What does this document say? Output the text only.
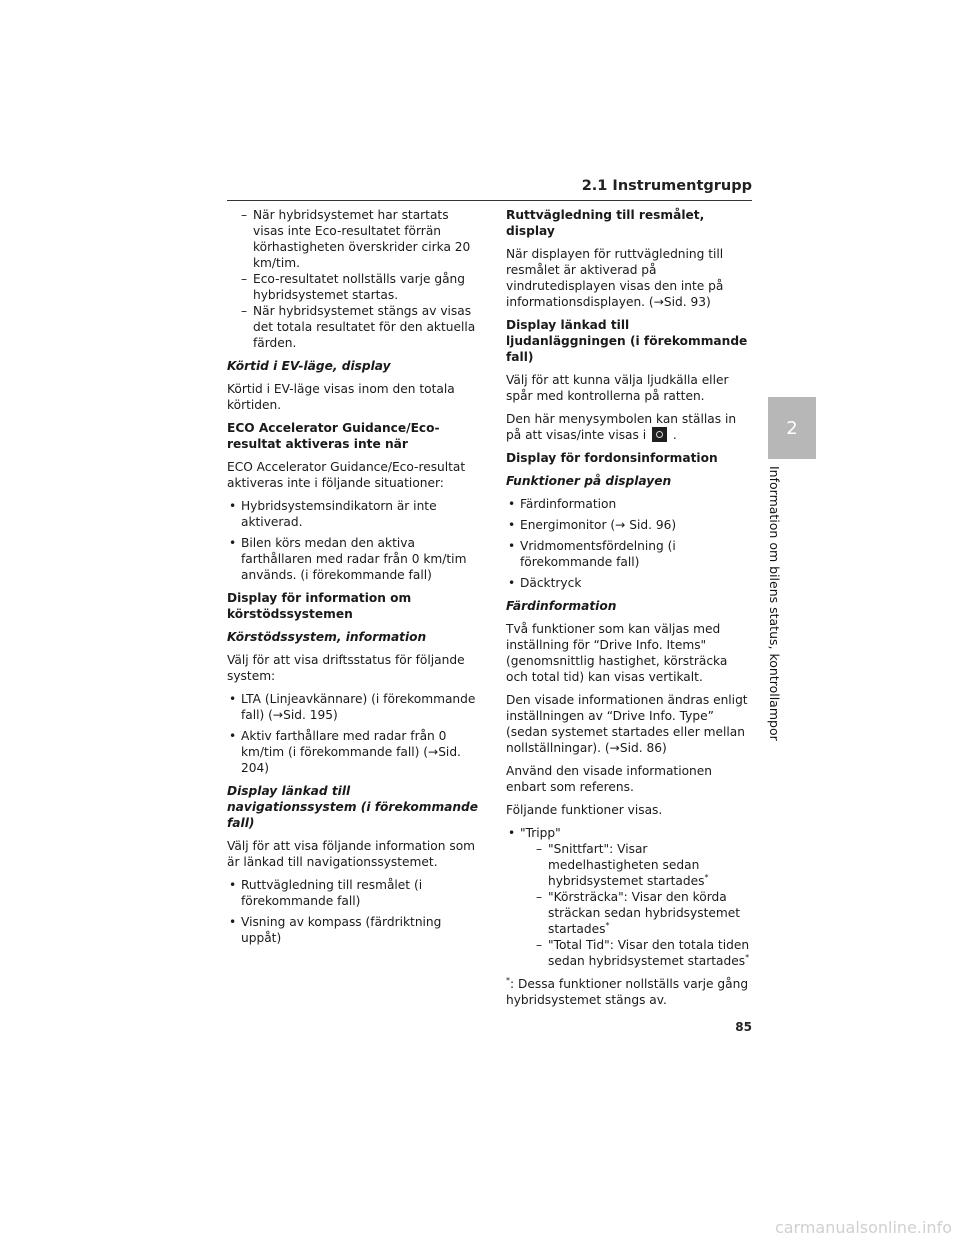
2.1 Instrumentgrupp
– När hybridsystemet har startats visas inte Eco-resultatet förrän körhastigheten överskrider cirka 20 km/tim.
– Eco-resultatet nollställs varje gång hybridsystemet startas.
– När hybridsystemet stängs av visas det totala resultatet för den aktuella färden.
Körtid i EV-läge, display

Körtid i EV-läge visas inom den totala körtiden.

ECO Accelerator Guidance/Eco-resultat aktiveras inte när

ECO Accelerator Guidance/Eco-resultat aktiveras inte i följande situationer:

• Hybridsystemsindikatorn är inte aktiverad.
• Bilen körs medan den aktiva farthållaren med radar från 0 km/tim används. (i förekommande fall)
Display för information om körstödssystemen
Körstödssystem, information

Välj för att visa driftsstatus för följande system:

• LTA (Linjeavkännare) (i förekommande fall) (→Sid. 195)
• Aktiv farthållare med radar från 0 km/tim (i förekommande fall) (→Sid. 204)
Display länkad till navigationssystem (i förekommande fall)

Välj för att visa följande information som är länkad till navigationssystemet.

• Ruttvägledning till resmålet (i förekommande fall)
• Visning av kompass (färdriktning uppåt)
Ruttvägledning till resmålet, display

När displayen för ruttvägledning till resmålet är aktiverad på vindrutedisplayen visas den inte på informationsdisplayen. (→Sid. 93)

Display länkad till ljudanläggningen (i förekommande fall)

Välj för att kunna välja ljudkälla eller spår med kontrollerna på ratten.

Den här menysymbolen kan ställas in på att visas/inte visas i .

Display för fordonsinformation
Funktioner på displayen
• Färdinformation
• Energimonitor (→ Sid. 96)
• Vridmomentsfördelning (i förekommande fall)
• Däcktryck
Färdinformation

Två funktioner som kan väljas med inställning för “Drive Info. Items" (genomsnittlig hastighet, körsträcka och total tid) kan visas vertikalt.

Den visade informationen ändras enligt inställningen av “Drive Info. Type” (sedan systemet startades eller mellan nollställningar). (→Sid. 86)

Använd den visade informationen enbart som referens.

Följande funktioner visas.

• "Tripp"
– "Snittfart": Visar medelhastigheten sedan hybridsystemet startades*
– "Körsträcka": Visar den körda sträckan sedan hybridsystemet startades*
– "Total Tid": Visar den totala tiden sedan hybridsystemet startades*

*: Dessa funktioner nollställs varje gång hybridsystemet stängs av.

2
Information om bilens status, kontrollampor
85
carmanualsonline.info
